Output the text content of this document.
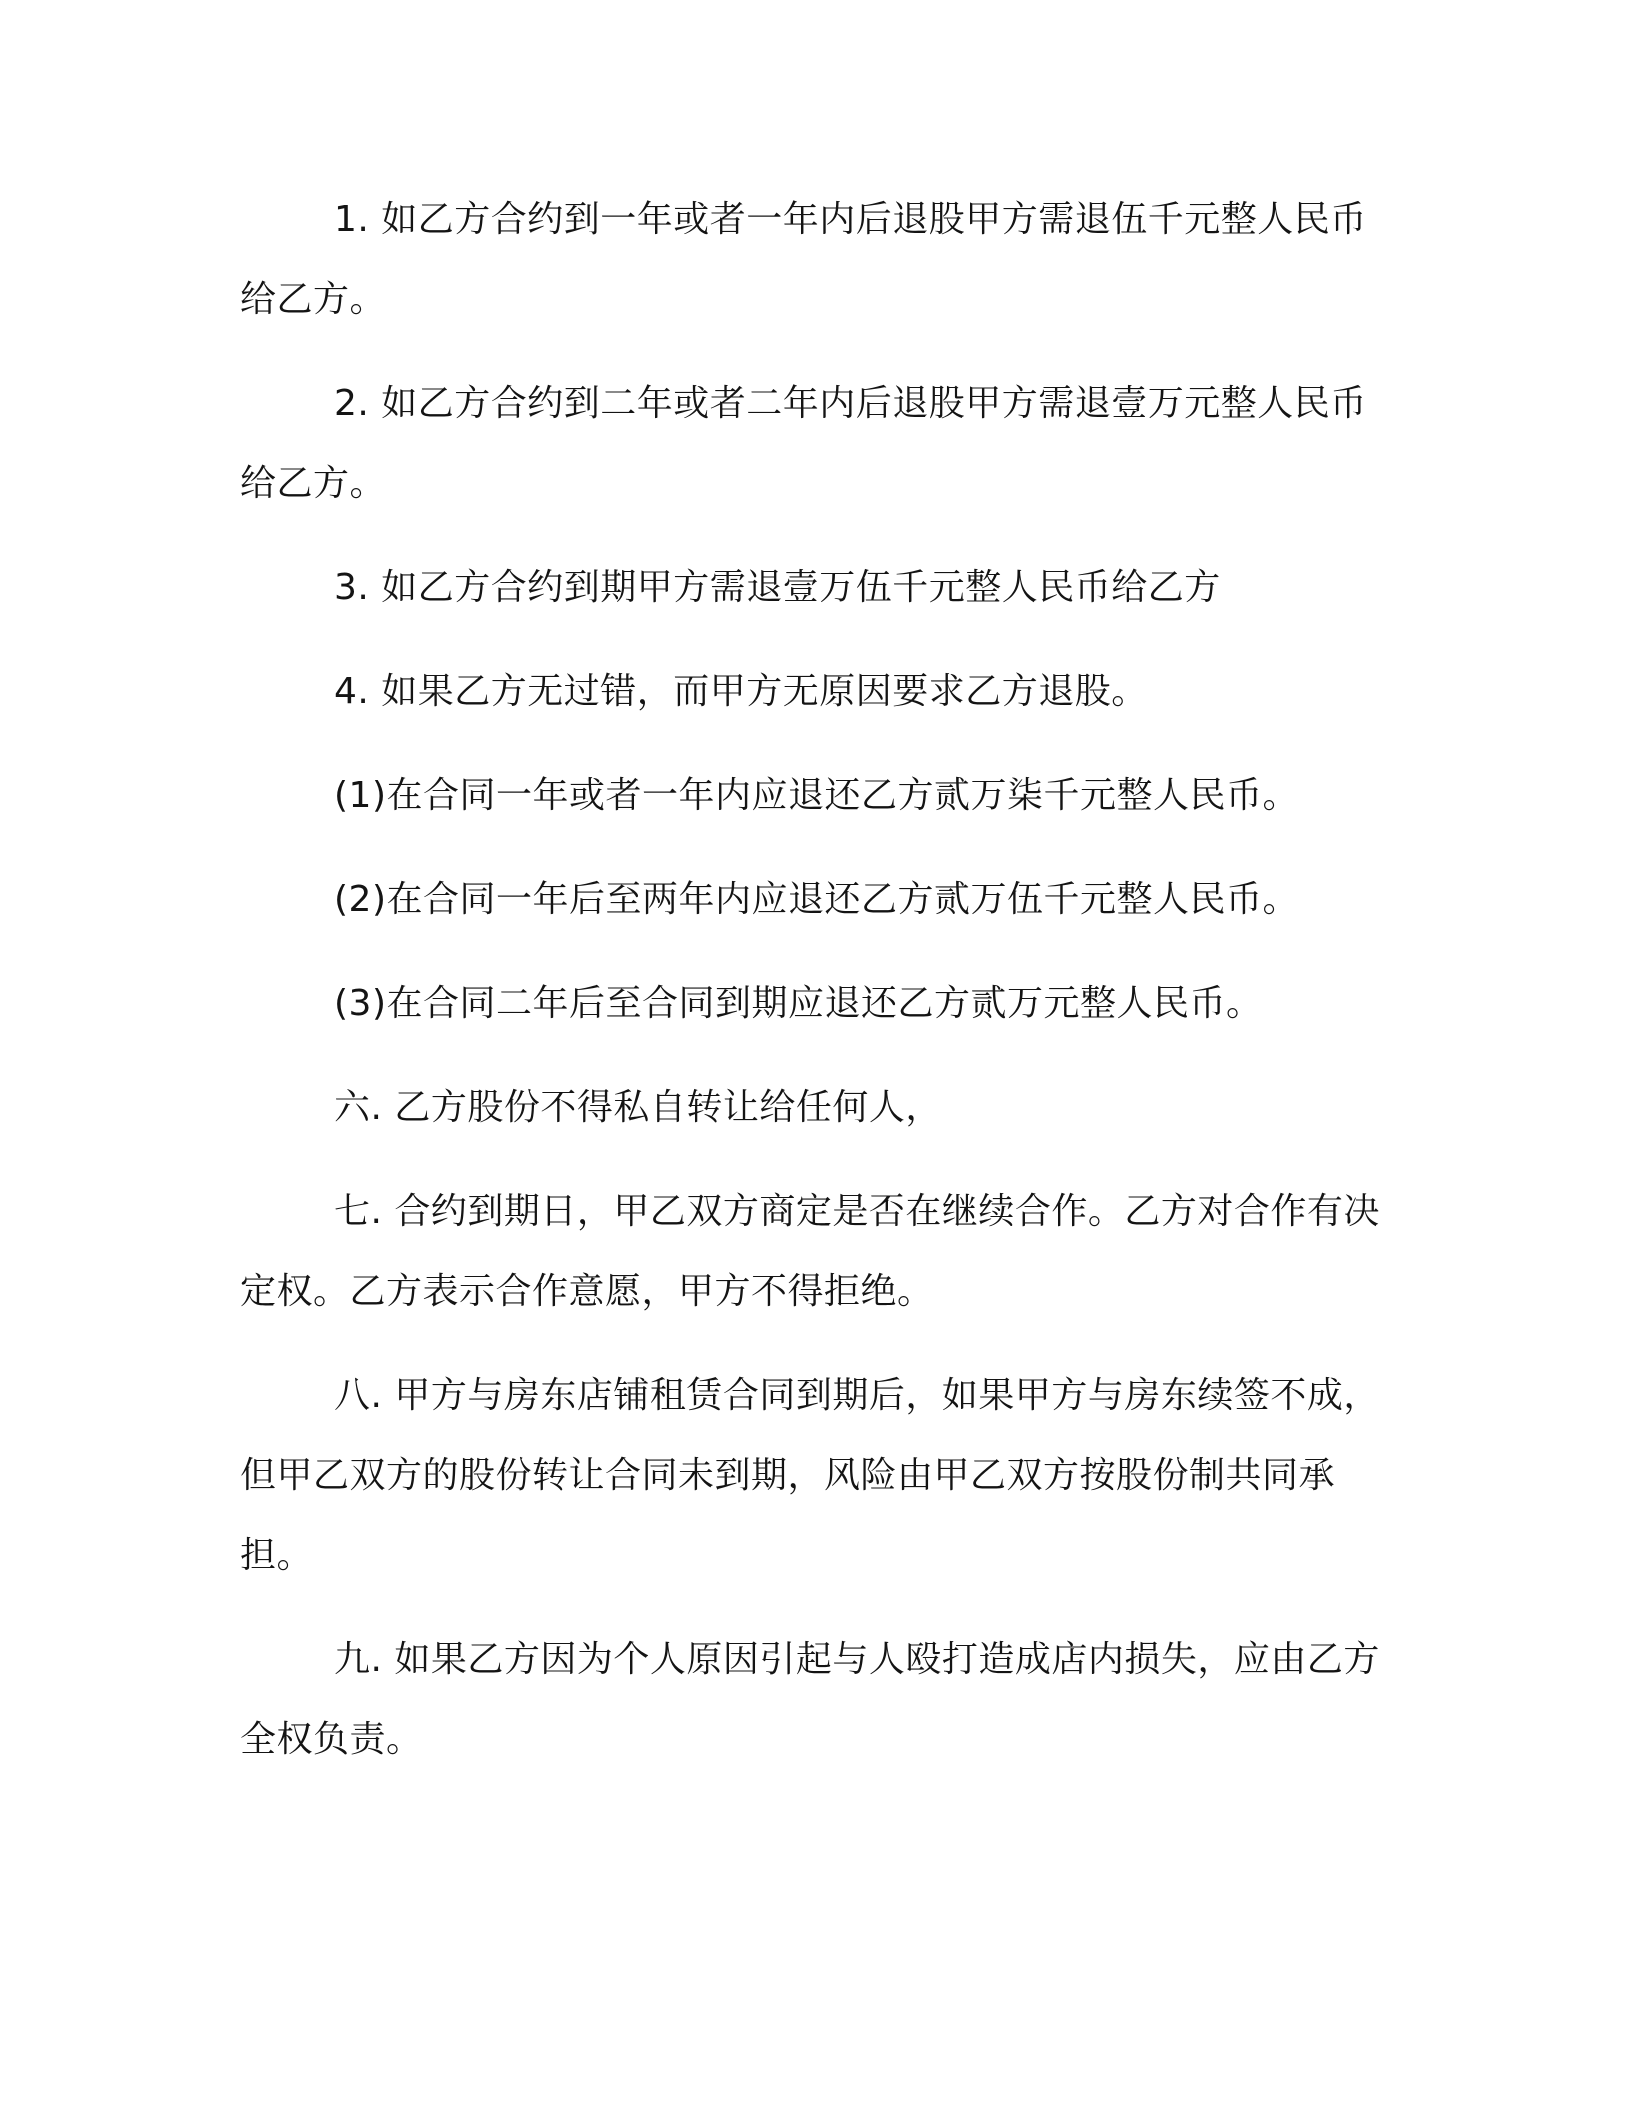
1. 如乙方合约到一年或者一年内后退股甲方需退伍千元整人民币给乙方。

2. 如乙方合约到二年或者二年内后退股甲方需退壹万元整人民币给乙方。

3. 如乙方合约到期甲方需退壹万伍千元整人民币给乙方

4. 如果乙方无过错，而甲方无原因要求乙方退股。

(1)在合同一年或者一年内应退还乙方贰万柒千元整人民币。

(2)在合同一年后至两年内应退还乙方贰万伍千元整人民币。

(3)在合同二年后至合同到期应退还乙方贰万元整人民币。

六. 乙方股份不得私自转让给任何人，

七. 合约到期日，甲乙双方商定是否在继续合作。乙方对合作有决定权。乙方表示合作意愿，甲方不得拒绝。

八. 甲方与房东店铺租赁合同到期后，如果甲方与房东续签不成，但甲乙双方的股份转让合同未到期，风险由甲乙双方按股份制共同承担。

九. 如果乙方因为个人原因引起与人殴打造成店内损失，应由乙方全权负责。
